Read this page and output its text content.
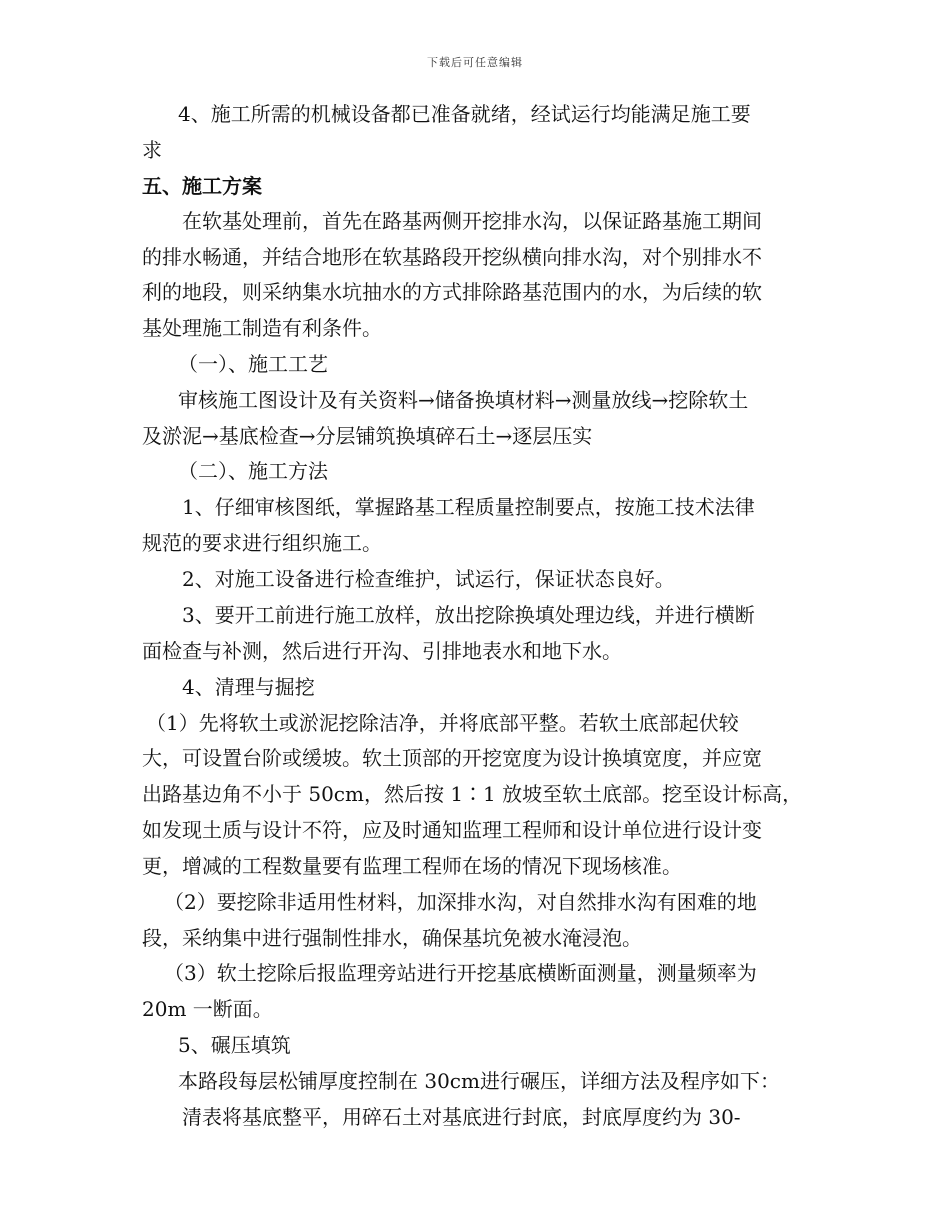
下载后可任意编辑
4、施工所需的机械设备都已准备就绪，经试运行均能满足施工要
求
五、施工方案
在软基处理前，首先在路基两侧开挖排水沟，以保证路基施工期间
的排水畅通，并结合地形在软基路段开挖纵横向排水沟，对个别排水不
利的地段，则采纳集水坑抽水的方式排除路基范围内的水，为后续的软
基处理施工制造有利条件。
（一）、施工工艺
审核施工图设计及有关资料→储备换填材料→测量放线→挖除软土
及淤泥→基底检查→分层铺筑换填碎石土→逐层压实
（二）、施工方法
1、仔细审核图纸，掌握路基工程质量控制要点，按施工技术法律
规范的要求进行组织施工。
2、对施工设备进行检查维护，试运行，保证状态良好。
3、要开工前进行施工放样，放出挖除换填处理边线，并进行横断
面检查与补测，然后进行开沟、引排地表水和地下水。
4、清理与掘挖
（1）先将软土或淤泥挖除洁净，并将底部平整。若软土底部起伏较
大，可设置台阶或缓坡。软土顶部的开挖宽度为设计换填宽度，并应宽
出路基边角不小于 50cm，然后按 1∶1 放坡至软土底部。挖至设计标高，
如发现土质与设计不符，应及时通知监理工程师和设计单位进行设计变
更，增减的工程数量要有监理工程师在场的情况下现场核准。
（2）要挖除非适用性材料，加深排水沟，对自然排水沟有困难的地
段，采纳集中进行强制性排水，确保基坑免被水淹浸泡。
（3）软土挖除后报监理旁站进行开挖基底横断面测量，测量频率为
20m 一断面。
5、碾压填筑
本路段每层松铺厚度控制在 30cm进行碾压，详细方法及程序如下：
清表将基底整平，用碎石土对基底进行封底，封底厚度约为 30-
